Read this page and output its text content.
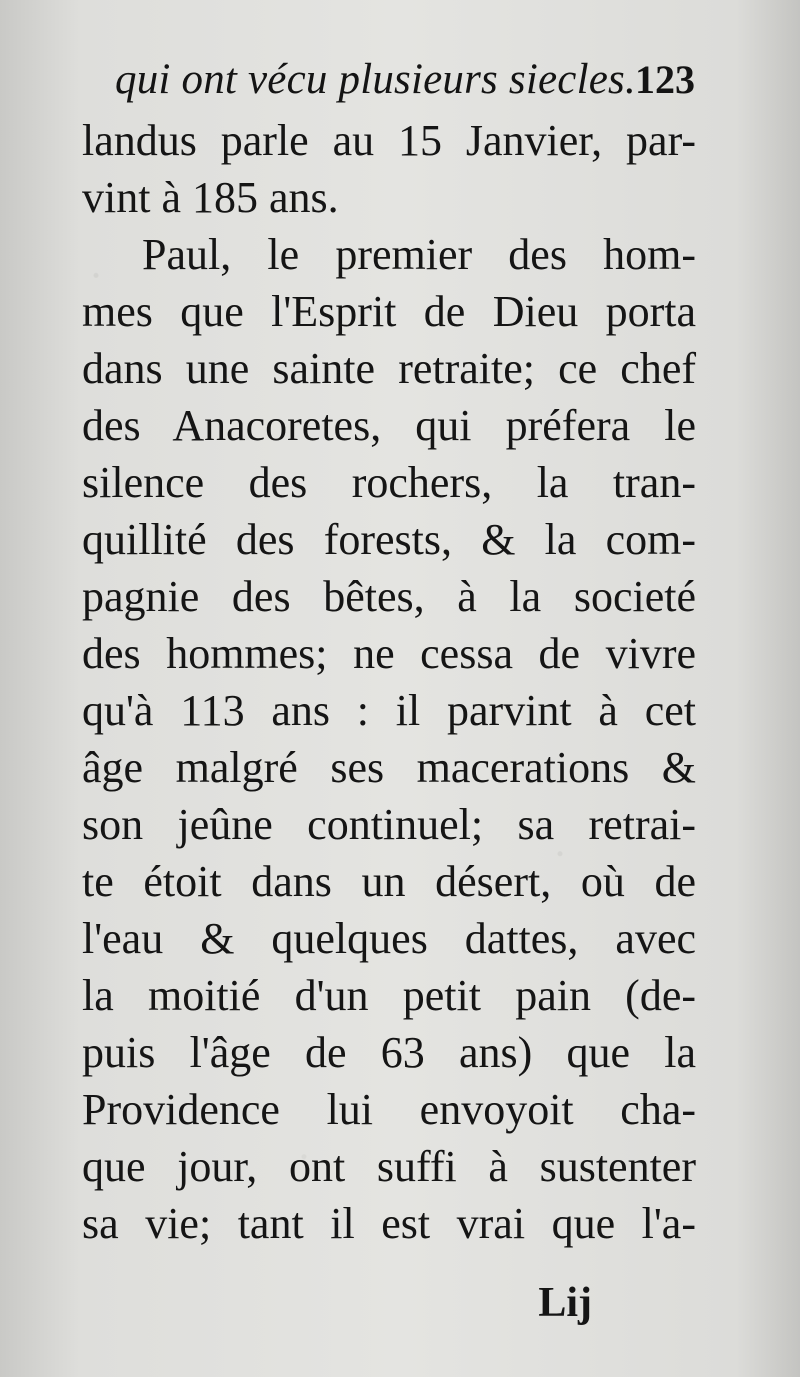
qui ont vécu plusieurs siecles. 123
landus parle au 15 Janvier, par-
vint à 185 ans.
Paul, le premier des hom-
mes que l'Esprit de Dieu porta
dans une sainte retraite; ce chef
des Anacoretes, qui préfera le
silence des rochers, la tran-
quillité des forests, & la com-
pagnie des bêtes, à la societé
des hommes; ne cessa de vivre
qu'à 113 ans : il parvint à cet
âge malgré ses macerations &
son jeûne continuel; sa retrai-
te étoit dans un désert, où de
l'eau & quelques dattes, avec
la moitié d'un petit pain (de-
puis l'âge de 63 ans) que la
Providence lui envoyoit cha-
que jour, ont suffi à sustenter
sa vie; tant il est vrai que l'a-
Lij
